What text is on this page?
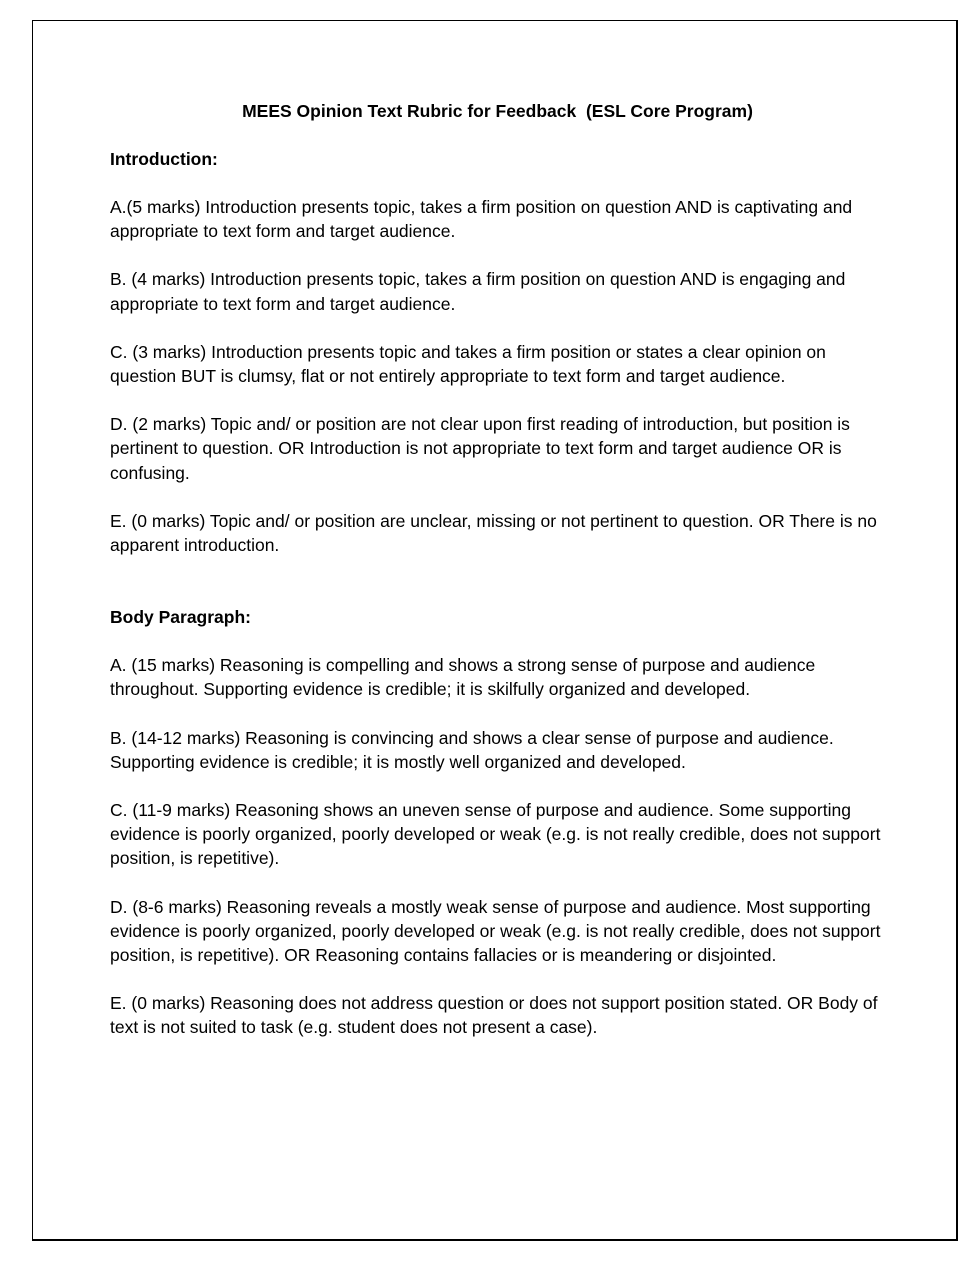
MEES Opinion Text Rubric for Feedback  (ESL Core Program)
Introduction:
A.(5 marks) Introduction presents topic, takes a firm position on question AND is captivating and appropriate to text form and target audience.
B. (4 marks) Introduction presents topic, takes a firm position on question AND is engaging and appropriate to text form and target audience.
C. (3 marks) Introduction presents topic and takes a firm position or states a clear opinion on question BUT is clumsy, flat or not entirely appropriate to text form and target audience.
D. (2 marks) Topic and/ or position are not clear upon first reading of introduction, but position is pertinent to question. OR Introduction is not appropriate to text form and target audience OR is confusing.
E. (0 marks) Topic and/ or position are unclear, missing or not pertinent to question. OR There is no apparent introduction.
Body Paragraph:
A. (15 marks) Reasoning is compelling and shows a strong sense of purpose and audience throughout. Supporting evidence is credible; it is skilfully organized and developed.
B. (14-12 marks) Reasoning is convincing and shows a clear sense of purpose and audience. Supporting evidence is credible; it is mostly well organized and developed.
C. (11-9 marks) Reasoning shows an uneven sense of purpose and audience. Some supporting evidence is poorly organized, poorly developed or weak (e.g. is not really credible, does not support position, is repetitive).
D. (8-6 marks) Reasoning reveals a mostly weak sense of purpose and audience. Most supporting evidence is poorly organized, poorly developed or weak (e.g. is not really credible, does not support position, is repetitive). OR Reasoning contains fallacies or is meandering or disjointed.
E. (0 marks) Reasoning does not address question or does not support position stated. OR Body of text is not suited to task (e.g. student does not present a case).
